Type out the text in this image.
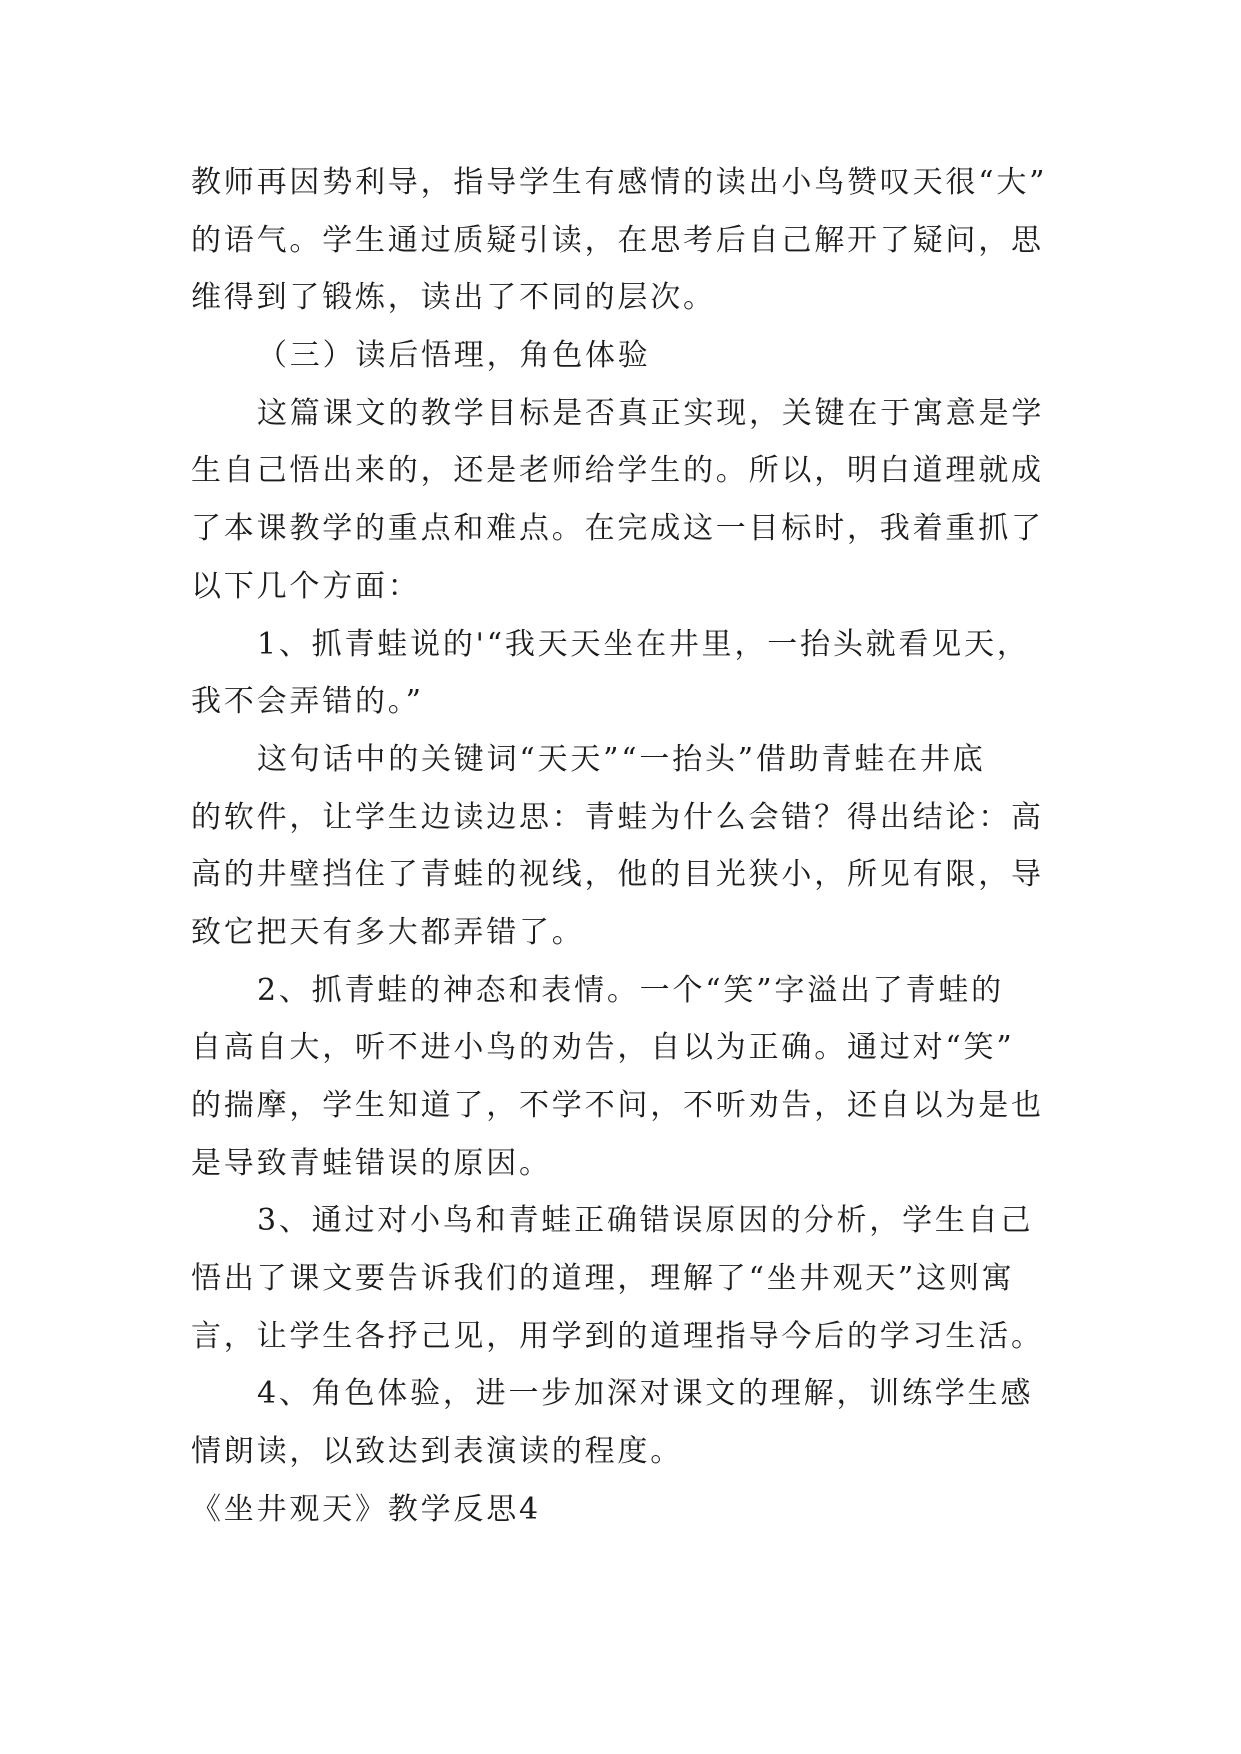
教师再因势利导，指导学生有感情的读出小鸟赞叹天很“大”
的语气。学生通过质疑引读，在思考后自己解开了疑问，思
维得到了锻炼，读出了不同的层次。
（三）读后悟理，角色体验
这篇课文的教学目标是否真正实现，关键在于寓意是学
生自己悟出来的，还是老师给学生的。所以，明白道理就成
了本课教学的重点和难点。在完成这一目标时，我着重抓了
以下几个方面：
1、抓青蛙说的'“我天天坐在井里，一抬头就看见天，
我不会弄错的。”
这句话中的关键词“天天”“一抬头”借助青蛙在井底
的软件，让学生边读边思：青蛙为什么会错？得出结论：高
高的井壁挡住了青蛙的视线，他的目光狭小，所见有限，导
致它把天有多大都弄错了。
2、抓青蛙的神态和表情。一个“笑”字溢出了青蛙的
自高自大，听不进小鸟的劝告，自以为正确。通过对“笑”
的揣摩，学生知道了，不学不问，不听劝告，还自以为是也
是导致青蛙错误的原因。
3、通过对小鸟和青蛙正确错误原因的分析，学生自己
悟出了课文要告诉我们的道理，理解了“坐井观天”这则寓
言，让学生各抒己见，用学到的道理指导今后的学习生活。
4、角色体验，进一步加深对课文的理解，训练学生感
情朗读，以致达到表演读的程度。
《坐井观天》教学反思4
